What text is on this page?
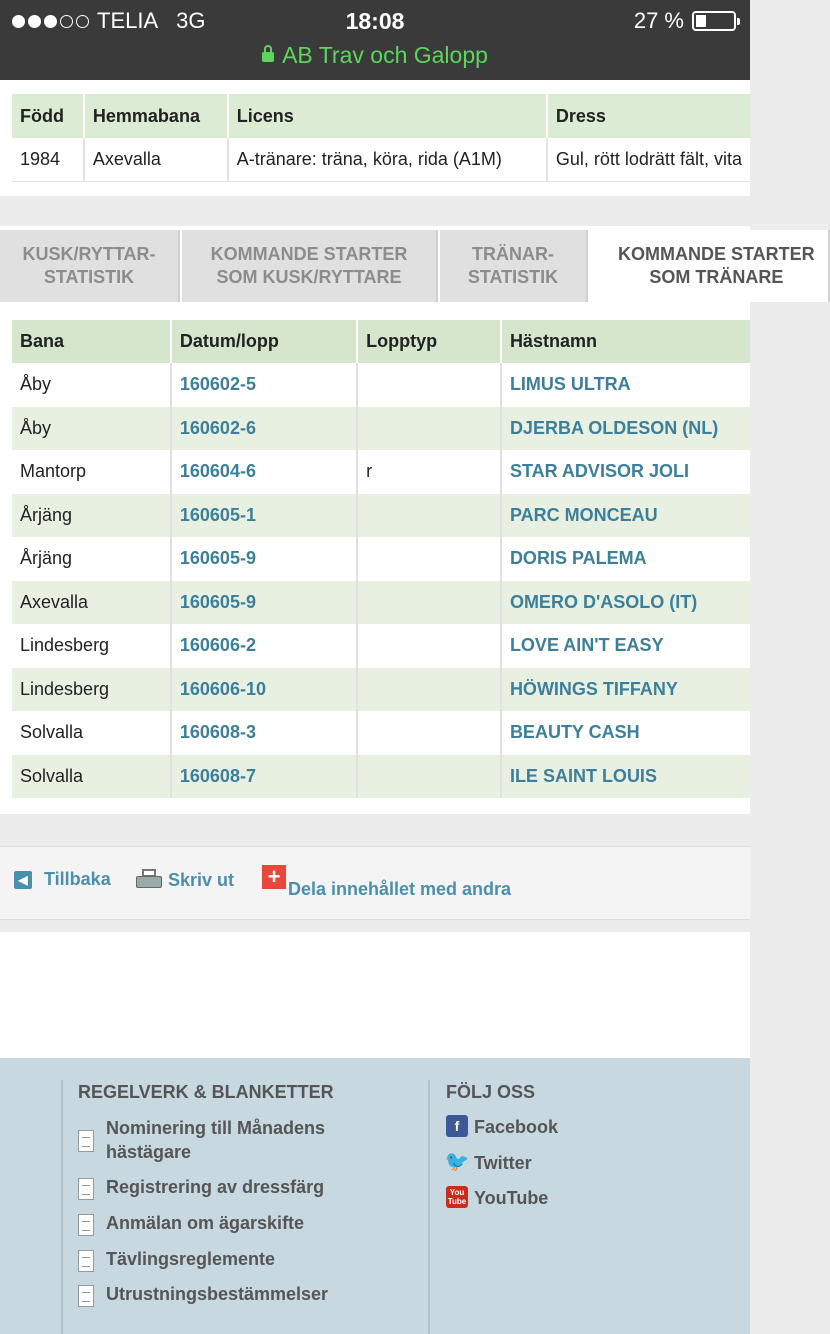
TELIA 3G	18:08	27 %
AB Trav och Galopp
Född	Hemmabana	Licens	Dress
1984	Axevalla	A-tränare: träna, köra, rida (A1M)	Gul, rött lodrätt fält, vita
KUSK/RYTTAR-
STATISTIK
KOMMANDE STARTER
SOM KUSK/RYTTARE
TRÄNAR-
STATISTIK
KOMMANDE STARTER
SOM TRÄNARE
Bana	Datum/lopp	Lopptyp	Hästnamn
Åby	160602-5		LIMUS ULTRA
Åby	160602-6		DJERBA OLDESON (NL)
Mantorp	160604-6	r	STAR ADVISOR JOLI
Årjäng	160605-1		PARC MONCEAU
Årjäng	160605-9		DORIS PALEMA
Axevalla	160605-9		OMERO D'ASOLO (IT)
Lindesberg	160606-2		LOVE AIN'T EASY
Lindesberg	160606-10		HÖWINGS TIFFANY
Solvalla	160608-3		BEAUTY CASH
Solvalla	160608-7		ILE SAINT LOUIS
◀ Tillbaka	Skriv ut + Dela innehållet med andra
REGELVERK & BLANKETTER
Nominering till Månadens hästägare
Registrering av dressfärg
Anmälan om ägarskifte
Tävlingsreglemente
Utrustningsbestämmelser
FÖLJ OSS
f Facebook
🐦 Twitter
You
Tube YouTube
